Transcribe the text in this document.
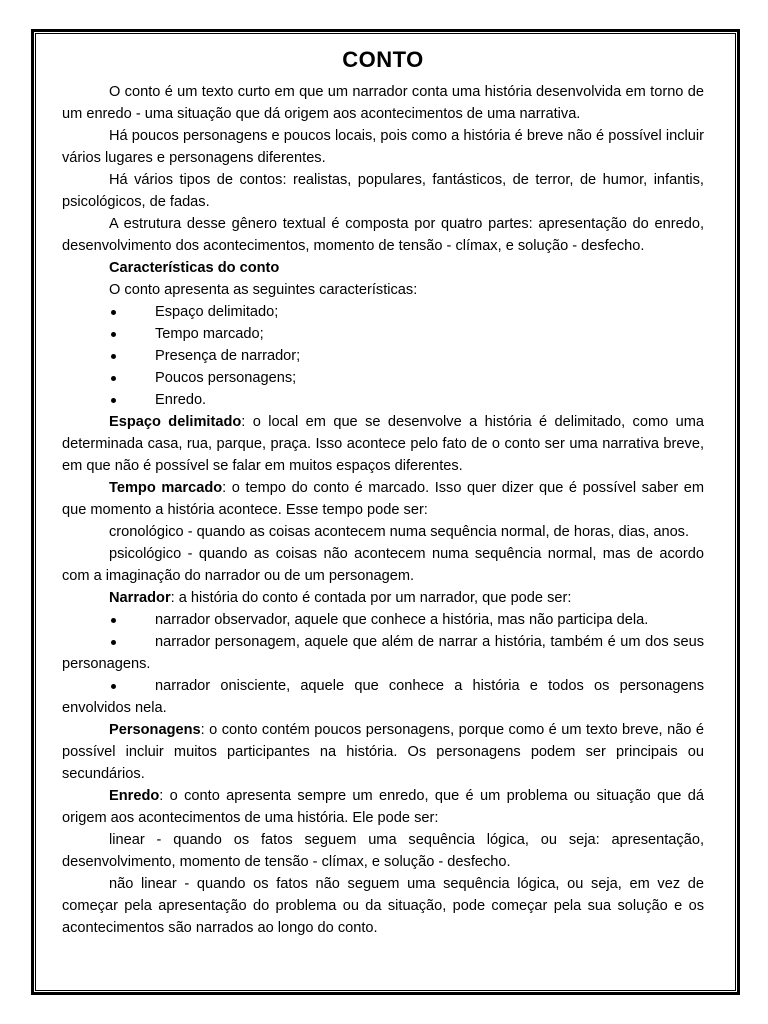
CONTO

O conto é um texto curto em que um narrador conta uma história desenvolvida em torno de um enredo - uma situação que dá origem aos acontecimentos de uma narrativa.

Há poucos personagens e poucos locais, pois como a história é breve não é possível incluir vários lugares e personagens diferentes.

Há vários tipos de contos: realistas, populares, fantásticos, de terror, de humor, infantis, psicológicos, de fadas.

A estrutura desse gênero textual é composta por quatro partes: apresentação do enredo, desenvolvimento dos acontecimentos, momento de tensão - clímax, e solução - desfecho.

Características do conto

O conto apresenta as seguintes características:

Espaço delimitado;
Tempo marcado;
Presença de narrador;
Poucos personagens;
Enredo.

Espaço delimitado: o local em que se desenvolve a história é delimitado, como uma determinada casa, rua, parque, praça. Isso acontece pelo fato de o conto ser uma narrativa breve, em que não é possível se falar em muitos espaços diferentes.

Tempo marcado: o tempo do conto é marcado. Isso quer dizer que é possível saber em que momento a história acontece. Esse tempo pode ser:

cronológico - quando as coisas acontecem numa sequência normal, de horas, dias, anos.

psicológico - quando as coisas não acontecem numa sequência normal, mas de acordo com a imaginação do narrador ou de um personagem.

Narrador: a história do conto é contada por um narrador, que pode ser:

narrador observador, aquele que conhece a história, mas não participa dela.

narrador personagem, aquele que além de narrar a história, também é um dos seus personagens.

narrador onisciente, aquele que conhece a história e todos os personagens envolvidos nela.

Personagens: o conto contém poucos personagens, porque como é um texto breve, não é possível incluir muitos participantes na história. Os personagens podem ser principais ou secundários.

Enredo: o conto apresenta sempre um enredo, que é um problema ou situação que dá origem aos acontecimentos de uma história. Ele pode ser:

linear - quando os fatos seguem uma sequência lógica, ou seja: apresentação, desenvolvimento, momento de tensão - clímax, e solução - desfecho.

não linear - quando os fatos não seguem uma sequência lógica, ou seja, em vez de começar pela apresentação do problema ou da situação, pode começar pela sua solução e os acontecimentos são narrados ao longo do conto.
